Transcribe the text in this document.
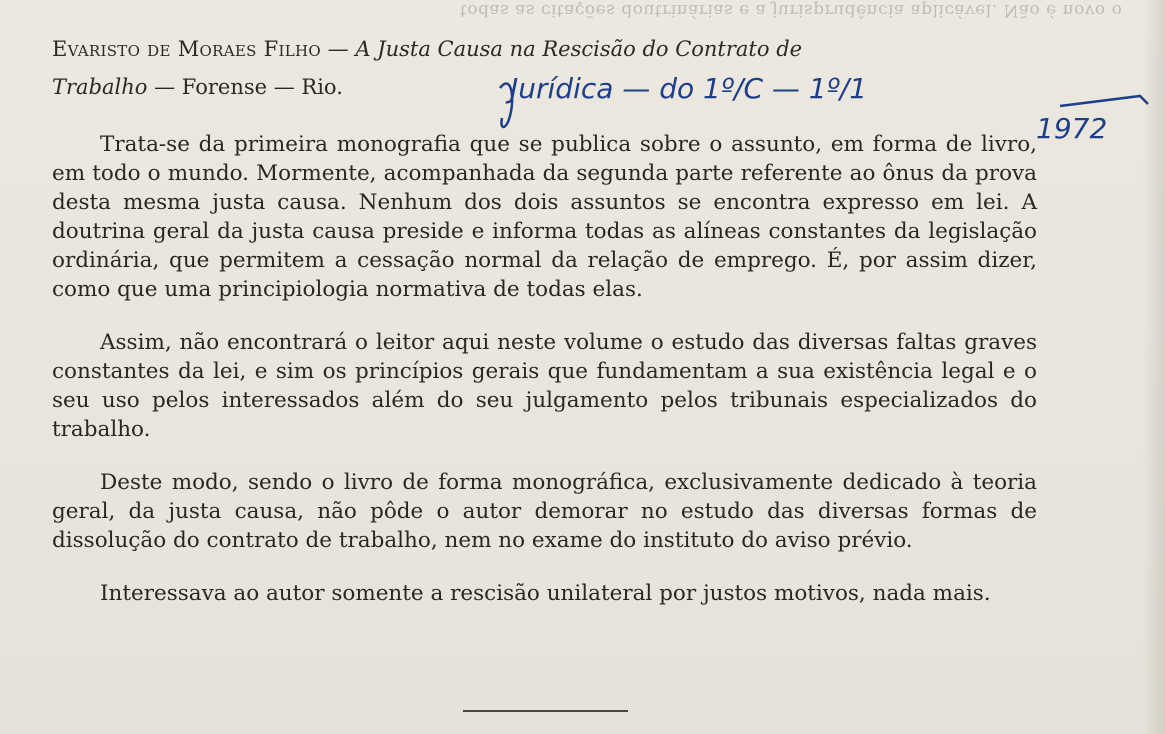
todas as citações doutrinárias e a jurisprudência aplicável. Não é novo o
Evaristo de Moraes Filho — A Justa Causa na Rescisão do Contrato de
Trabalho — Forense — Rio.	Jurídica — do 1º/C — 1º/1
1972

Trata-se da primeira monografia que se publica sobre o assunto, em forma de livro, em todo o mundo. Mormente, acompanhada da segunda parte referente ao ônus da prova desta mesma justa causa. Nenhum dos dois assuntos se encontra expresso em lei. A doutrina geral da justa causa preside e informa todas as alíneas constantes da legislação ordinária, que permitem a cessação normal da relação de emprego. É, por assim dizer, como que uma principiologia normativa de todas elas.

Assim, não encontrará o leitor aqui neste volume o estudo das diversas faltas graves constantes da lei, e sim os princípios gerais que fundamentam a sua existência legal e o seu uso pelos interessados além do seu julgamento pelos tribunais especializados do trabalho.

Deste modo, sendo o livro de forma monográfica, exclusivamente dedicado à teoria geral, da justa causa, não pôde o autor demorar no estudo das diversas formas de dissolução do contrato de trabalho, nem no exame do instituto do aviso prévio.

Interessava ao autor somente a rescisão unilateral por justos motivos, nada mais.
